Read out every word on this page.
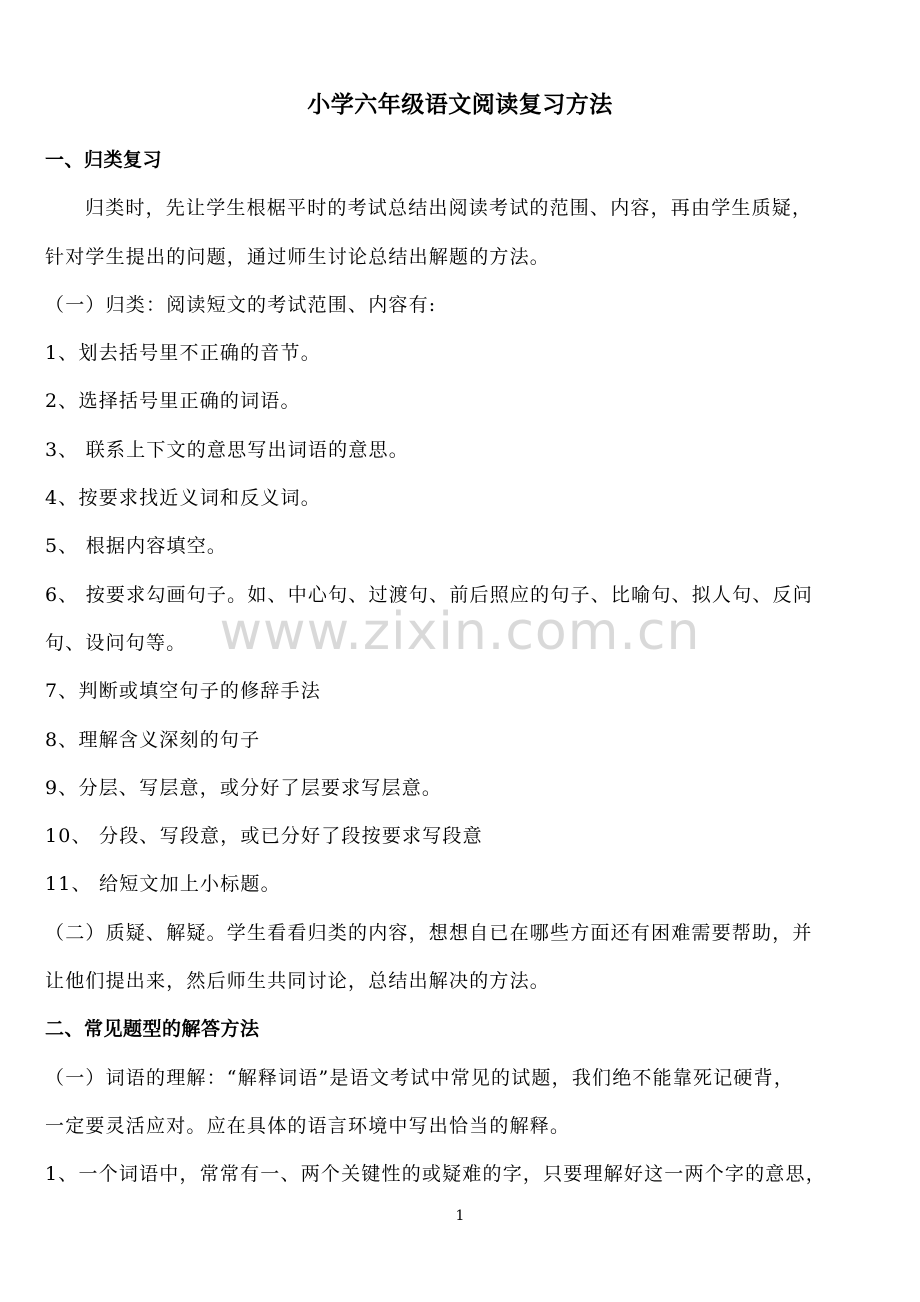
小学六年级语文阅读复习方法
一、归类复习
归类时，先让学生根椐平时的考试总结出阅读考试的范围、内容，再由学生质疑，
针对学生提出的问题，通过师生讨论总结出解题的方法。
（一）归类：阅读短文的考试范围、内容有:
1、划去括号里不正确的音节。
2、选择括号里正确的词语。
3、 联系上下文的意思写出词语的意思。
4、按要求找近义词和反义词。
5、 根据内容填空。
6、 按要求勾画句子。如、中心句、过渡句、前后照应的句子、比喻句、拟人句、反问
句、设问句等。
7、判断或填空句子的修辞手法
8、理解含义深刻的句子
9、分层、写层意，或分好了层要求写层意。
10、 分段、写段意，或已分好了段按要求写段意
11、 给短文加上小标题。
（二）质疑、解疑。学生看看归类的内容，想想自已在哪些方面还有困难需要帮助，并
让他们提出来，然后师生共同讨论，总结出解决的方法。
二、常见题型的解答方法
（一）词语的理解：“解释词语”是语文考试中常见的试题，我们绝不能靠死记硬背，
一定要灵活应对。应在具体的语言环境中写出恰当的解释。
1、一个词语中，常常有一、两个关键性的或疑难的字，只要理解好这一两个字的意思，
www.zixin.com.cn
1
